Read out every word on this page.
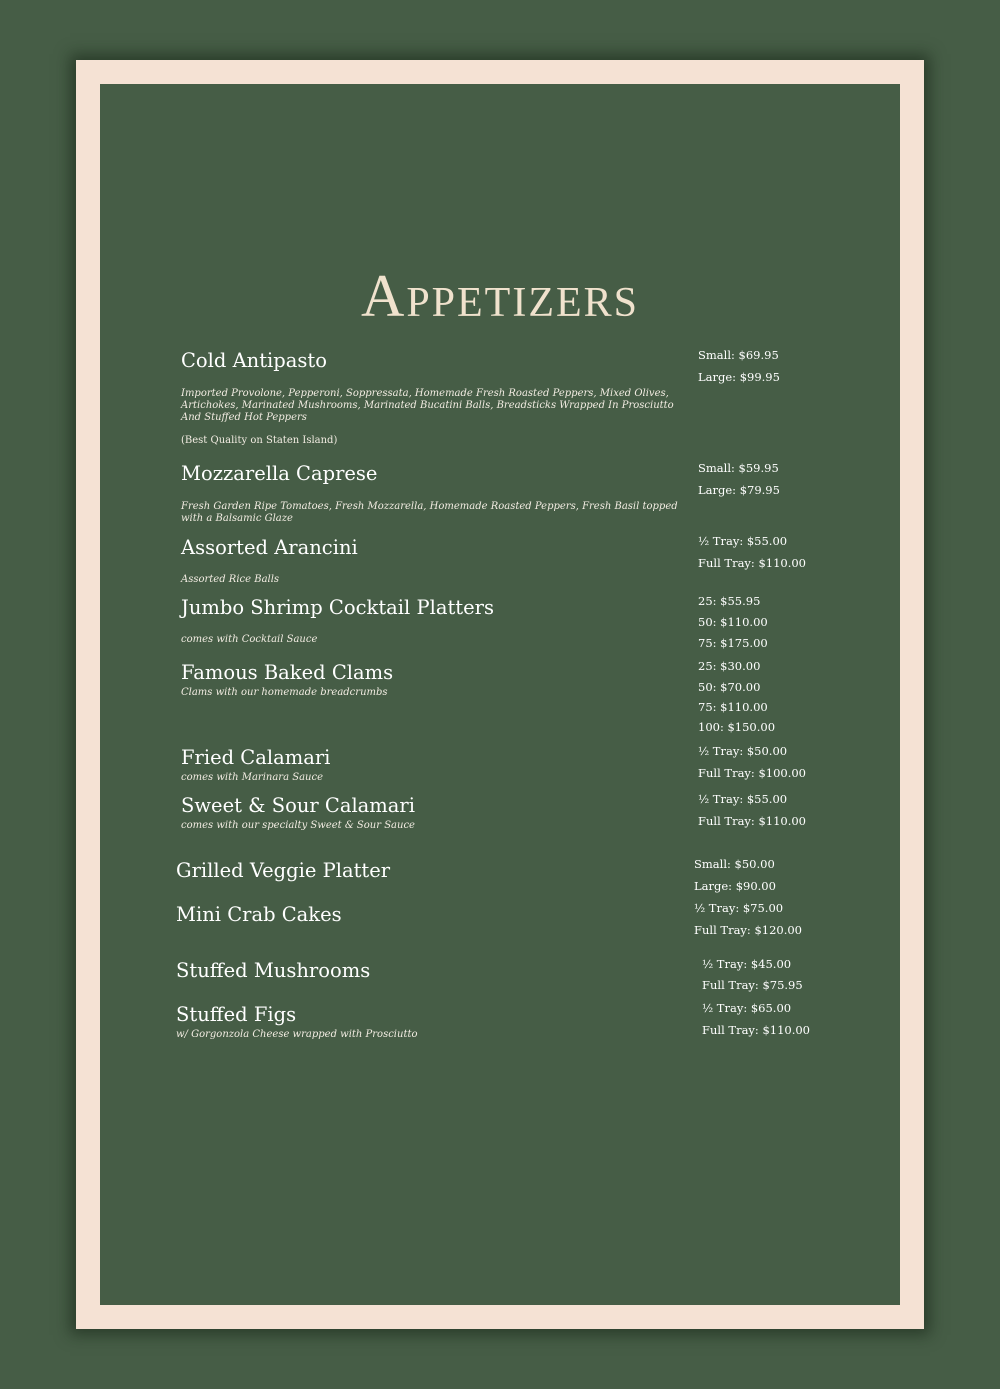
Appetizers
Cold Antipasto
Imported Provolone, Pepperoni, Soppressata, Homemade Fresh Roasted Peppers, Mixed Olives, Artichokes, Marinated Mushrooms, Marinated Bucatini Balls, Breadsticks Wrapped In Prosciutto And Stuffed Hot Peppers
(Best Quality on Staten Island)
Small: $69.95
Large: $99.95
Mozzarella Caprese
Fresh Garden Ripe Tomatoes, Fresh Mozzarella, Homemade Roasted Peppers, Fresh Basil topped with a Balsamic Glaze
Small: $59.95
Large: $79.95
Assorted Arancini
Assorted Rice Balls
½ Tray: $55.00
Full Tray: $110.00
Jumbo Shrimp Cocktail Platters
comes with Cocktail Sauce
25: $55.95
50: $110.00
75: $175.00
Famous Baked Clams
Clams with our homemade breadcrumbs
25: $30.00
50: $70.00
75: $110.00
100: $150.00
Fried Calamari
comes with Marinara Sauce
½ Tray: $50.00
Full Tray: $100.00
Sweet & Sour Calamari
comes with our specialty Sweet & Sour Sauce
½ Tray: $55.00
Full Tray: $110.00
Grilled Veggie Platter	Small: $50.00
Large: $90.00
Mini Crab Cakes	½ Tray: $75.00
Full Tray: $120.00
Stuffed Mushrooms	½ Tray: $45.00
Full Tray: $75.95
Stuffed Figs
w/ Gorgonzola Cheese wrapped with Prosciutto
½ Tray: $65.00
Full Tray: $110.00
